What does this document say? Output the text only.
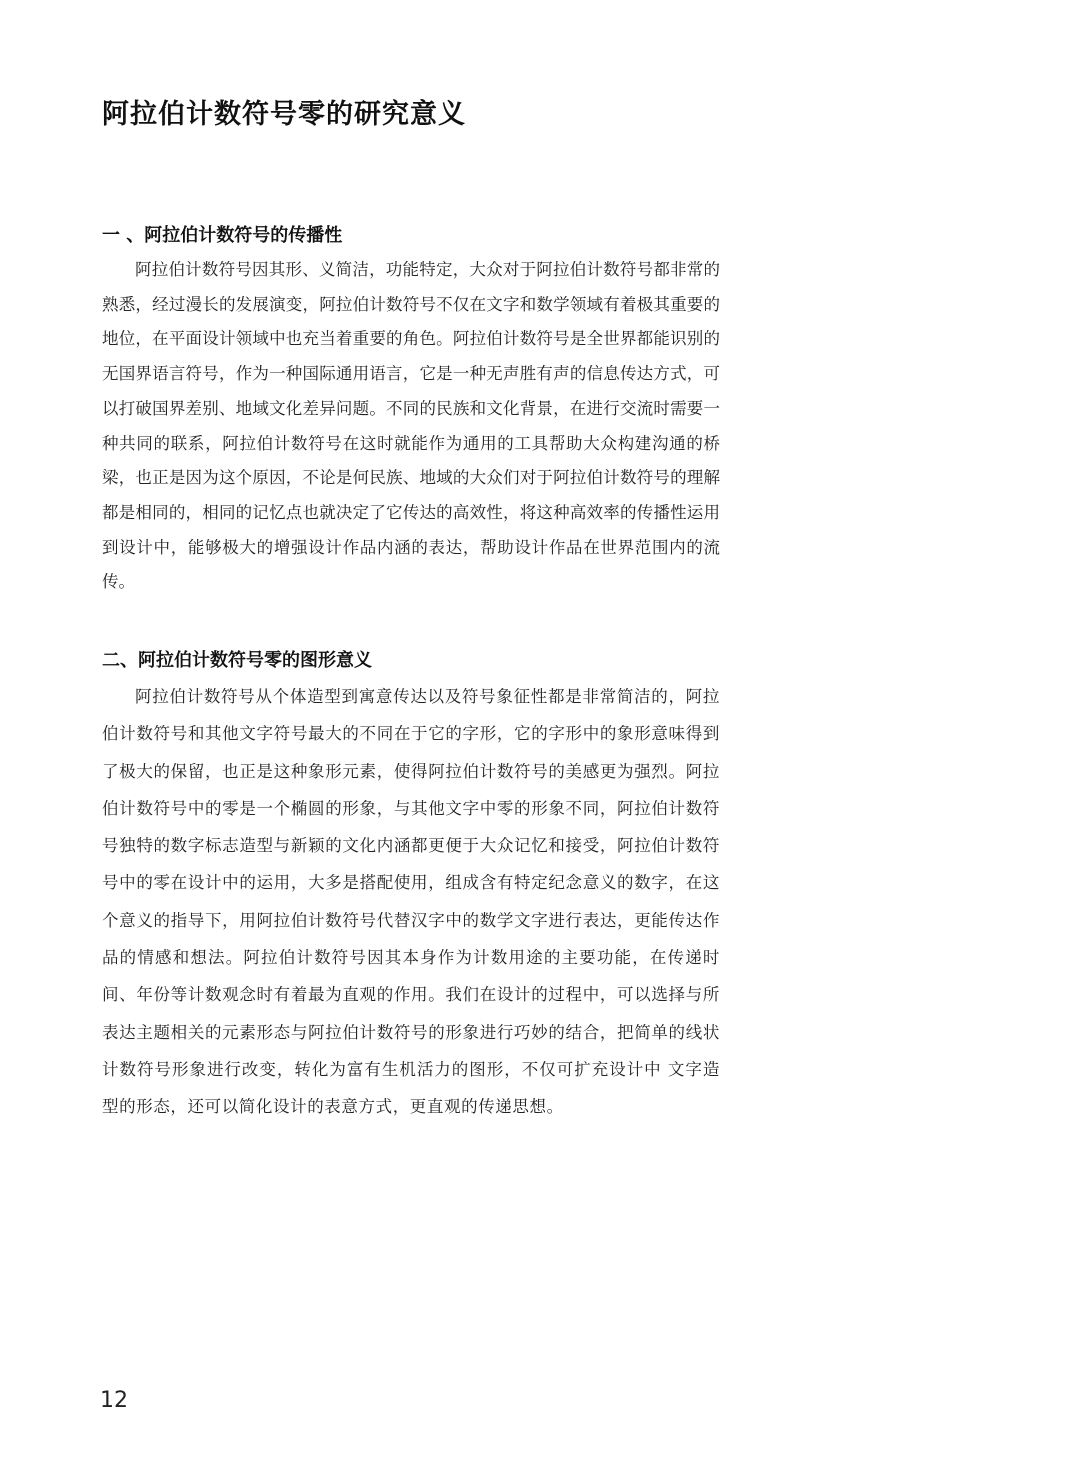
阿拉伯计数符号零的研究意义
一 、阿拉伯计数符号的传播性

阿拉伯计数符号因其形、义简洁，功能特定，大众对于阿拉伯计数符号都非常的熟悉，经过漫长的发展演变，阿拉伯计数符号不仅在文字和数学领域有着极其重要的地位，在平面设计领域中也充当着重要的角色。阿拉伯计数符号是全世界都能识别的无国界语言符号，作为一种国际通用语言，它是一种无声胜有声的信息传达方式，可以打破国界差别、地域文化差异问题。不同的民族和文化背景，在进行交流时需要一种共同的联系，阿拉伯计数符号在这时就能作为通用的工具帮助大众构建沟通的桥梁，也正是因为这个原因，不论是何民族、地域的大众们对于阿拉伯计数符号的理解都是相同的，相同的记忆点也就决定了它传达的高效性，将这种高效率的传播性运用到设计中，能够极大的增强设计作品内涵的表达，帮助设计作品在世界范围内的流传。

二、阿拉伯计数符号零的图形意义

阿拉伯计数符号从个体造型到寓意传达以及符号象征性都是非常简洁的，阿拉伯计数符号和其他文字符号最大的不同在于它的字形，它的字形中的象形意味得到了极大的保留，也正是这种象形元素，使得阿拉伯计数符号的美感更为强烈。阿拉伯计数符号中的零是一个椭圆的形象，与其他文字中零的形象不同，阿拉伯计数符号独特的数字标志造型与新颖的文化内涵都更便于大众记忆和接受，阿拉伯计数符号中的零在设计中的运用，大多是搭配使用，组成含有特定纪念意义的数字，在这个意义的指导下，用阿拉伯计数符号代替汉字中的数学文字进行表达，更能传达作品的情感和想法。阿拉伯计数符号因其本身作为计数用途的主要功能，在传递时间、年份等计数观念时有着最为直观的作用。我们在设计的过程中，可以选择与所表达主题相关的元素形态与阿拉伯计数符号的形象进行巧妙的结合，把简单的线状计数符号形象进行改变，转化为富有生机活力的图形，不仅可扩充设计中 文字造型的形态，还可以简化设计的表意方式，更直观的传递思想。

12
